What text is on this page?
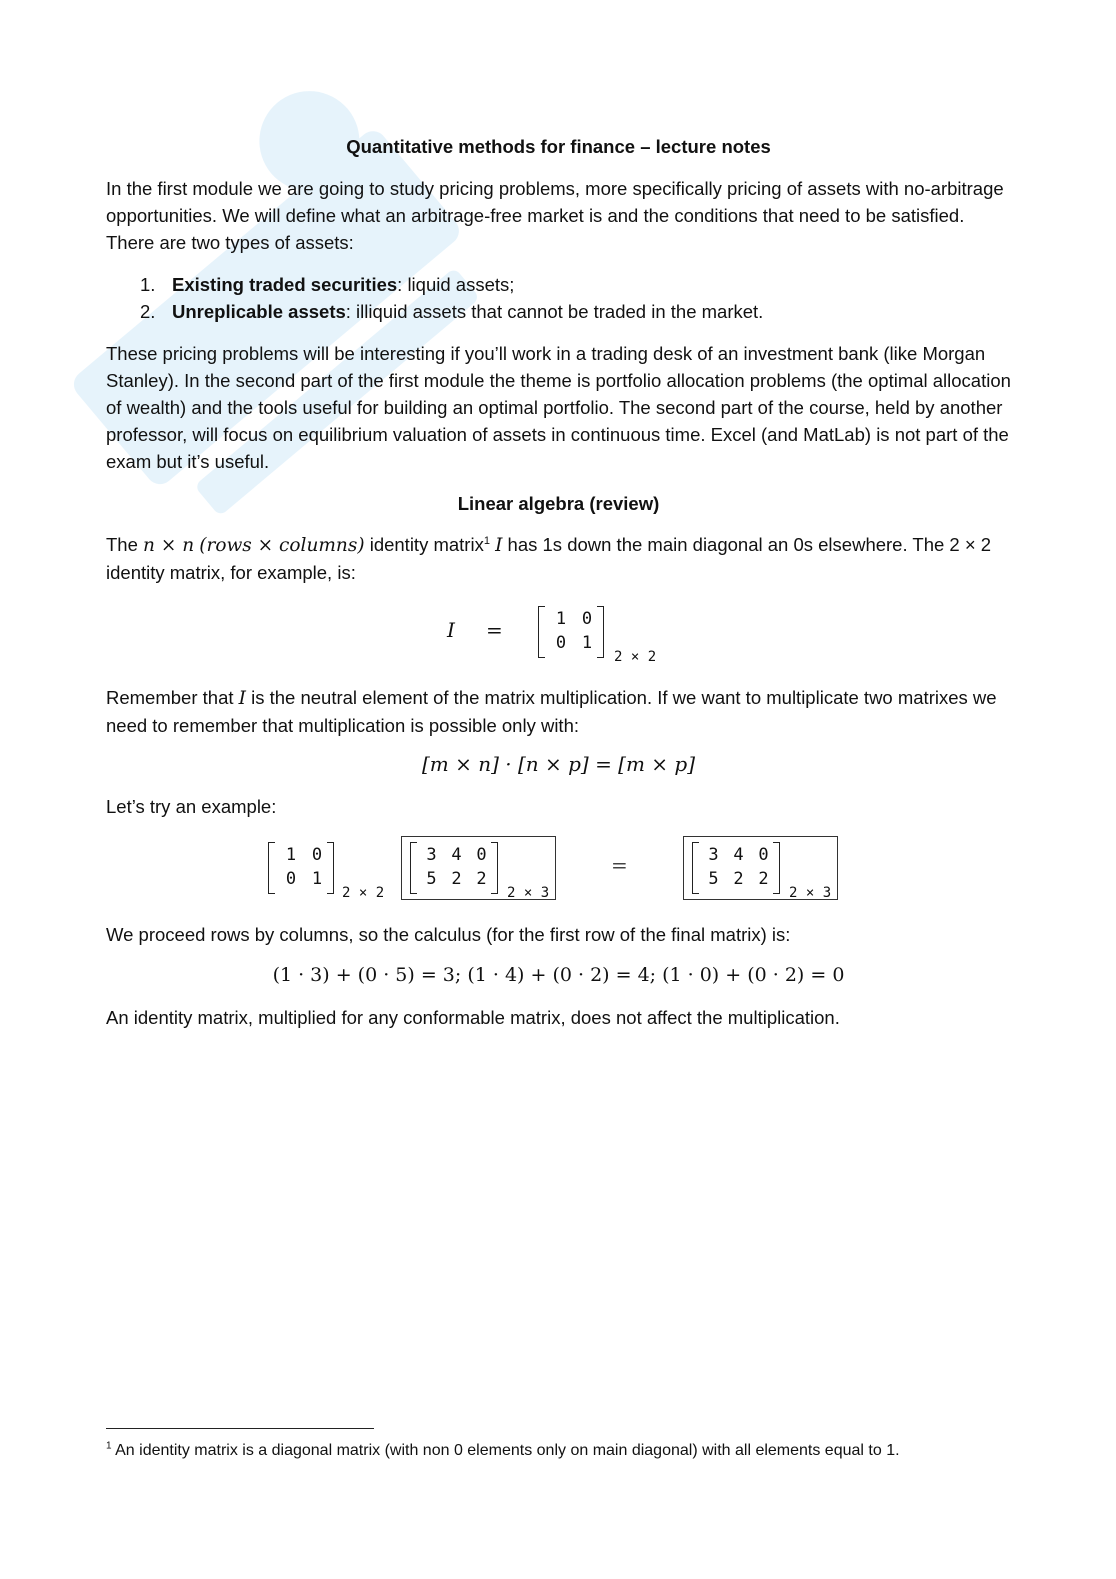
Quantitative methods for finance – lecture notes

In the first module we are going to study pricing problems, more specifically pricing of assets with no-arbitrage opportunities. We will define what an arbitrage-free market is and the conditions that need to be satisfied. There are two types of assets:

1. Existing traded securities: liquid assets;
2. Unreplicable assets: illiquid assets that cannot be traded in the market.

These pricing problems will be interesting if you’ll work in a trading desk of an investment bank (like Morgan Stanley). In the second part of the first module the theme is portfolio allocation problems (the optimal allocation of wealth) and the tools useful for building an optimal portfolio. The second part of the course, held by another professor, will focus on equilibrium valuation of assets in continuous time. Excel (and MatLab) is not part of the exam but it’s useful.

Linear algebra (review)

The n × n (rows × columns) identity matrix$^1$ I has 1s down the main diagonal an 0s elsewhere. The 2 × 2 identity matrix, for example, is:

I =	1 0
0 1
2 × 2

Remember that I is the neutral element of the matrix multiplication. If we want to multiplicate two matrixes we need to remember that multiplication is possible only with:

[m × n] · [n × p] = [m × p]

Let’s try an example:

1 0
0 1
2 × 2
3 4 0
5 2 2
2 × 3
=	3 4 0
5 2 2
2 × 3

We proceed rows by columns, so the calculus (for the first row of the final matrix) is:

(1 · 3) + (0 · 5) = 3; (1 · 4) + (0 · 2) = 4; (1 · 0) + (0 · 2) = 0

An identity matrix, multiplied for any conformable matrix, does not affect the multiplication.

$^1$ An identity matrix is a diagonal matrix (with non 0 elements only on main diagonal) with all elements equal to 1.
